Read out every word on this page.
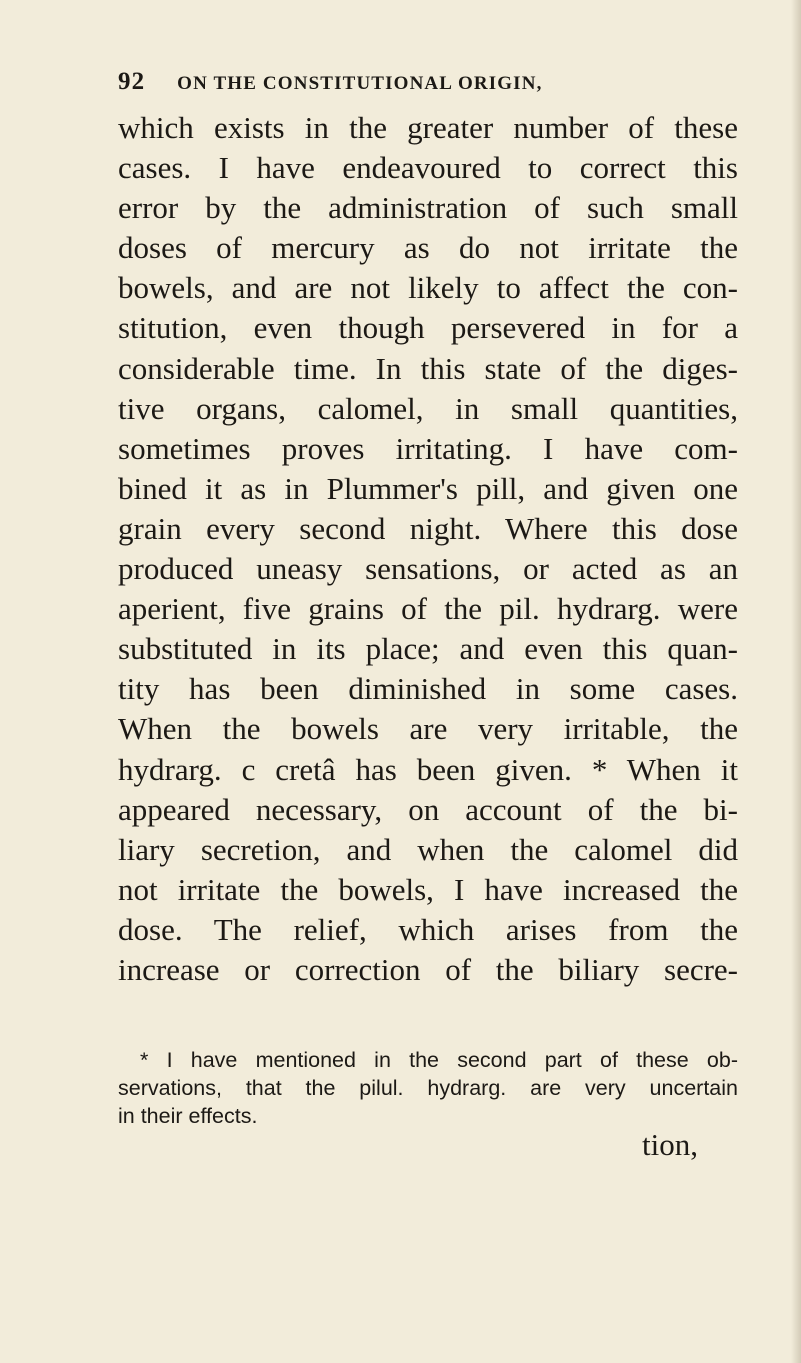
92 ON THE CONSTITUTIONAL ORIGIN,
which exists in the greater number of these
cases. I have endeavoured to correct this
error by the administration of such small
doses of mercury as do not irritate the
bowels, and are not likely to affect the con-
stitution, even though persevered in for a
considerable time. In this state of the diges-
tive organs, calomel, in small quantities,
sometimes proves irritating. I have com-
bined it as in Plummer's pill, and given one
grain every second night. Where this dose
produced uneasy sensations, or acted as an
aperient, five grains of the pil. hydrarg. were
substituted in its place; and even this quan-
tity has been diminished in some cases.
When the bowels are very irritable, the
hydrarg. c cretâ has been given. * When it
appeared necessary, on account of the bi-
liary secretion, and when the calomel did
not irritate the bowels, I have increased the
dose. The relief, which arises from the
increase or correction of the biliary secre-
* I have mentioned in the second part of these ob-
servations, that the pilul. hydrarg. are very uncertain
in their effects.
tion,
